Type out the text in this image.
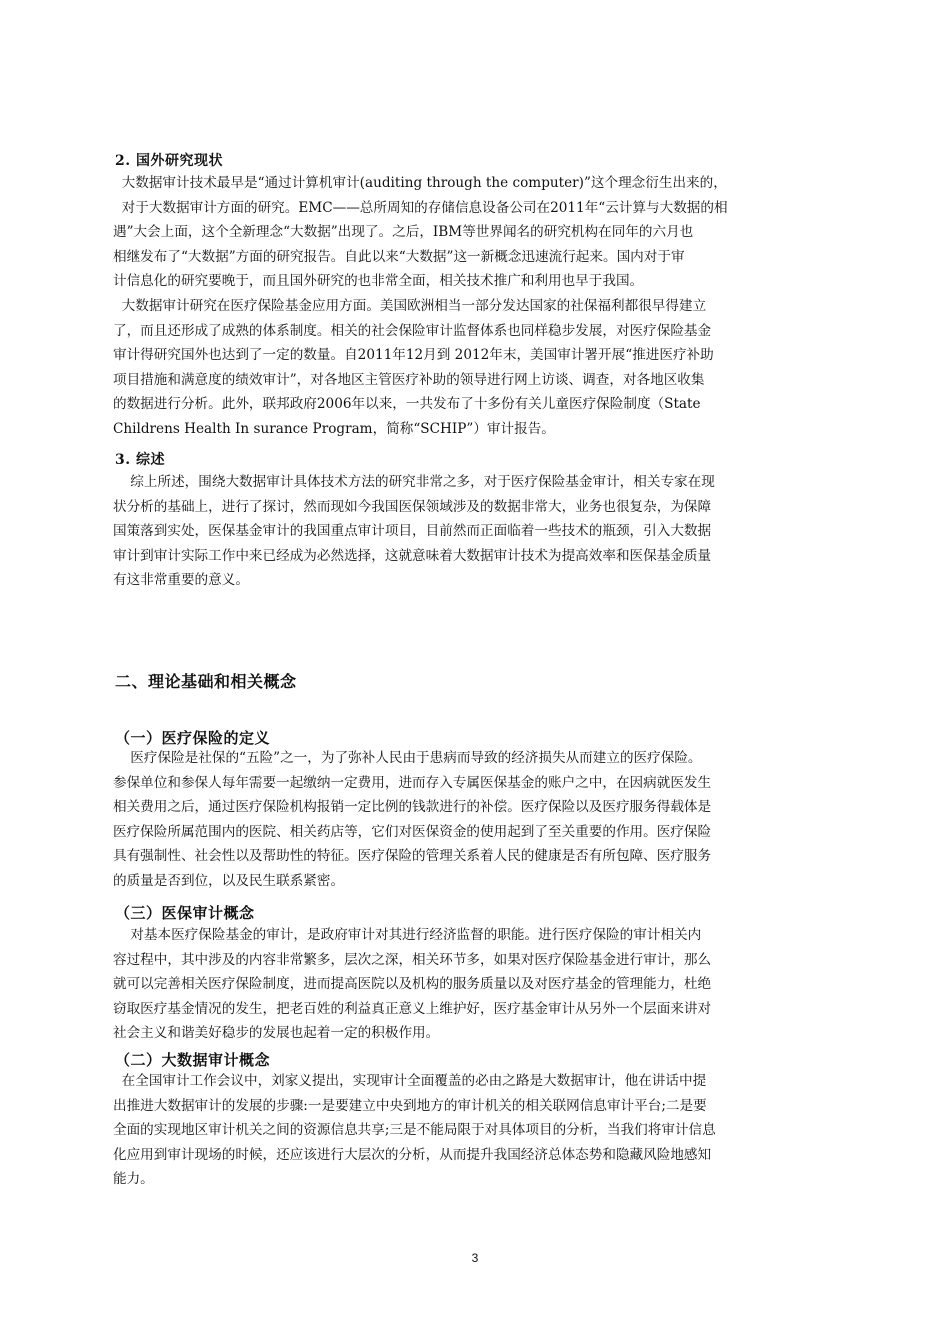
2. 国外研究现状
大数据审计技术最早是“通过计算机审计(auditing through the computer)”这个理念衍生出来的，
对于大数据审计方面的研究。EMC——总所周知的存储信息设备公司在2011年“云计算与大数据的相
遇”大会上面，这个全新理念“大数据”出现了。之后，IBM等世界闻名的研究机构在同年的六月也
相继发布了“大数据”方面的研究报告。自此以来“大数据”这一新概念迅速流行起来。国内对于审
计信息化的研究要晚于，而且国外研究的也非常全面，相关技术推广和利用也早于我国。
大数据审计研究在医疗保险基金应用方面。美国欧洲相当一部分发达国家的社保福利都很早得建立
了，而且还形成了成熟的体系制度。相关的社会保险审计监督体系也同样稳步发展，对医疗保险基金
审计得研究国外也达到了一定的数量。自2011年12月到 2012年末，美国审计署开展“推进医疗补助
项目措施和满意度的绩效审计”，对各地区主管医疗补助的领导进行网上访谈、调查，对各地区收集
的数据进行分析。此外，联邦政府2006年以来，一共发布了十多份有关儿童医疗保险制度（State
Childrens Health In surance Program，简称“SCHIP”）审计报告。
3. 综述
综上所述，围绕大数据审计具体技术方法的研究非常之多，对于医疗保险基金审计，相关专家在现
状分析的基础上，进行了探讨，然而现如今我国医保领域涉及的数据非常大，业务也很复杂，为保障
国策落到实处，医保基金审计的我国重点审计项目，目前然而正面临着一些技术的瓶颈，引入大数据
审计到审计实际工作中来已经成为必然选择，这就意味着大数据审计技术为提高效率和医保基金质量
有这非常重要的意义。
二、理论基础和相关概念
（一）医疗保险的定义
医疗保险是社保的“五险”之一，为了弥补人民由于患病而导致的经济损失从而建立的医疗保险。
参保单位和参保人每年需要一起缴纳一定费用，进而存入专属医保基金的账户之中，在因病就医发生
相关费用之后，通过医疗保险机构报销一定比例的钱款进行的补偿。医疗保险以及医疗服务得载体是
医疗保险所属范围内的医院、相关药店等，它们对医保资金的使用起到了至关重要的作用。医疗保险
具有强制性、社会性以及帮助性的特征。医疗保险的管理关系着人民的健康是否有所包障、医疗服务
的质量是否到位，以及民生联系紧密。
（三）医保审计概念
对基本医疗保险基金的审计，是政府审计对其进行经济监督的职能。进行医疗保险的审计相关内
容过程中，其中涉及的内容非常繁多，层次之深，相关环节多，如果对医疗保险基金进行审计，那么
就可以完善相关医疗保险制度，进而提高医院以及机构的服务质量以及对医疗基金的管理能力，杜绝
窃取医疗基金情况的发生，把老百姓的利益真正意义上维护好，医疗基金审计从另外一个层面来讲对
社会主义和谐美好稳步的发展也起着一定的积极作用。
（二）大数据审计概念
在全国审计工作会议中，刘家义提出，实现审计全面覆盖的必由之路是大数据审计，他在讲话中提
出推进大数据审计的发展的步骤:一是要建立中央到地方的审计机关的相关联网信息审计平台;二是要
全面的实现地区审计机关之间的资源信息共享;三是不能局限于对具体项目的分析，当我们将审计信息
化应用到审计现场的时候，还应该进行大层次的分析，从而提升我国经济总体态势和隐藏风险地感知
能力。
3
